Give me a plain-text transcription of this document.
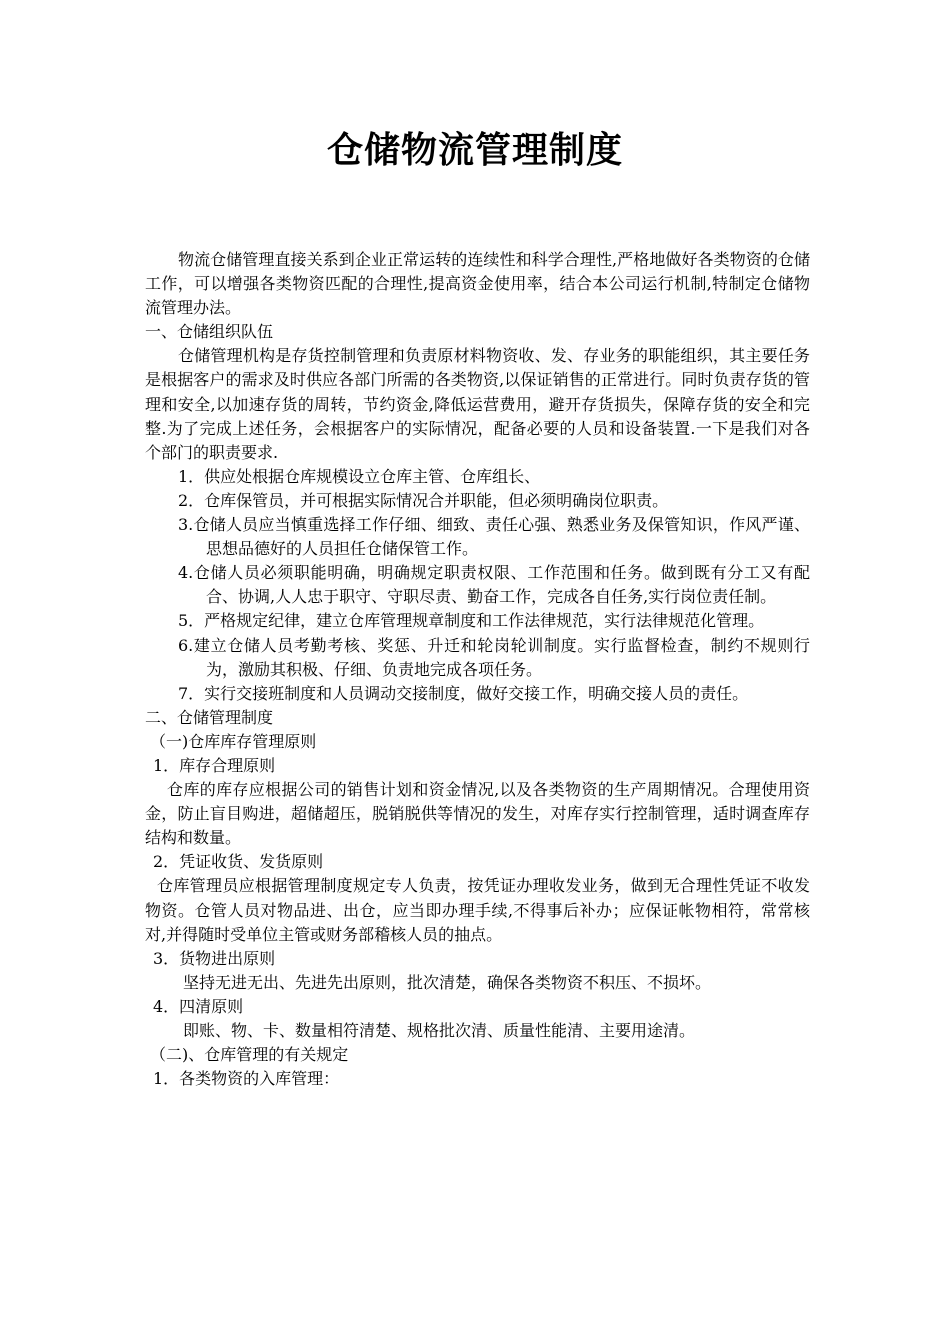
仓储物流管理制度

物流仓储管理直接关系到企业正常运转的连续性和科学合理性,严格地做好各类物资的仓储工作，可以增强各类物资匹配的合理性,提高资金使用率，结合本公司运行机制,特制定仓储物流管理办法。

一、仓储组织队伍

仓储管理机构是存货控制管理和负责原材料物资收、发、存业务的职能组织，其主要任务是根据客户的需求及时供应各部门所需的各类物资,以保证销售的正常进行。同时负责存货的管理和安全,以加速存货的周转，节约资金,降低运营费用，避开存货损失，保障存货的安全和完整.为了完成上述任务，会根据客户的实际情况，配备必要的人员和设备装置.一下是我们对各个部门的职责要求.

1．供应处根据仓库规模设立仓库主管、仓库组长、

2．仓库保管员，并可根据实际情况合并职能，但必须明确岗位职责。

3.仓储人员应当慎重选择工作仔细、细致、责任心强、熟悉业务及保管知识，作风严谨、思想品德好的人员担任仓储保管工作。

4.仓储人员必须职能明确，明确规定职责权限、工作范围和任务。做到既有分工又有配合、协调,人人忠于职守、守职尽责、勤奋工作，完成各自任务,实行岗位责任制。

5．严格规定纪律，建立仓库管理规章制度和工作法律规范，实行法律规范化管理。

6.建立仓储人员考勤考核、奖惩、升迁和轮岗轮训制度。实行监督检查，制约不规则行为，激励其积极、仔细、负责地完成各项任务。

7．实行交接班制度和人员调动交接制度，做好交接工作，明确交接人员的责任。

二、仓储管理制度

（一)仓库库存管理原则

1．库存合理原则

仓库的库存应根据公司的销售计划和资金情况,以及各类物资的生产周期情况。合理使用资金，防止盲目购进，超储超压，脱销脱供等情况的发生，对库存实行控制管理，适时调查库存结构和数量。

2．凭证收货、发货原则

仓库管理员应根据管理制度规定专人负责，按凭证办理收发业务，做到无合理性凭证不收发物资。仓管人员对物品进、出仓，应当即办理手续,不得事后补办；应保证帐物相符，常常核对,并得随时受单位主管或财务部稽核人员的抽点。

3．货物进出原则

坚持无进无出、先进先出原则，批次清楚，确保各类物资不积压、不损坏。

4．四清原则

即账、物、卡、数量相符清楚、规格批次清、质量性能清、主要用途清。

（二)、仓库管理的有关规定

1．各类物资的入库管理：
